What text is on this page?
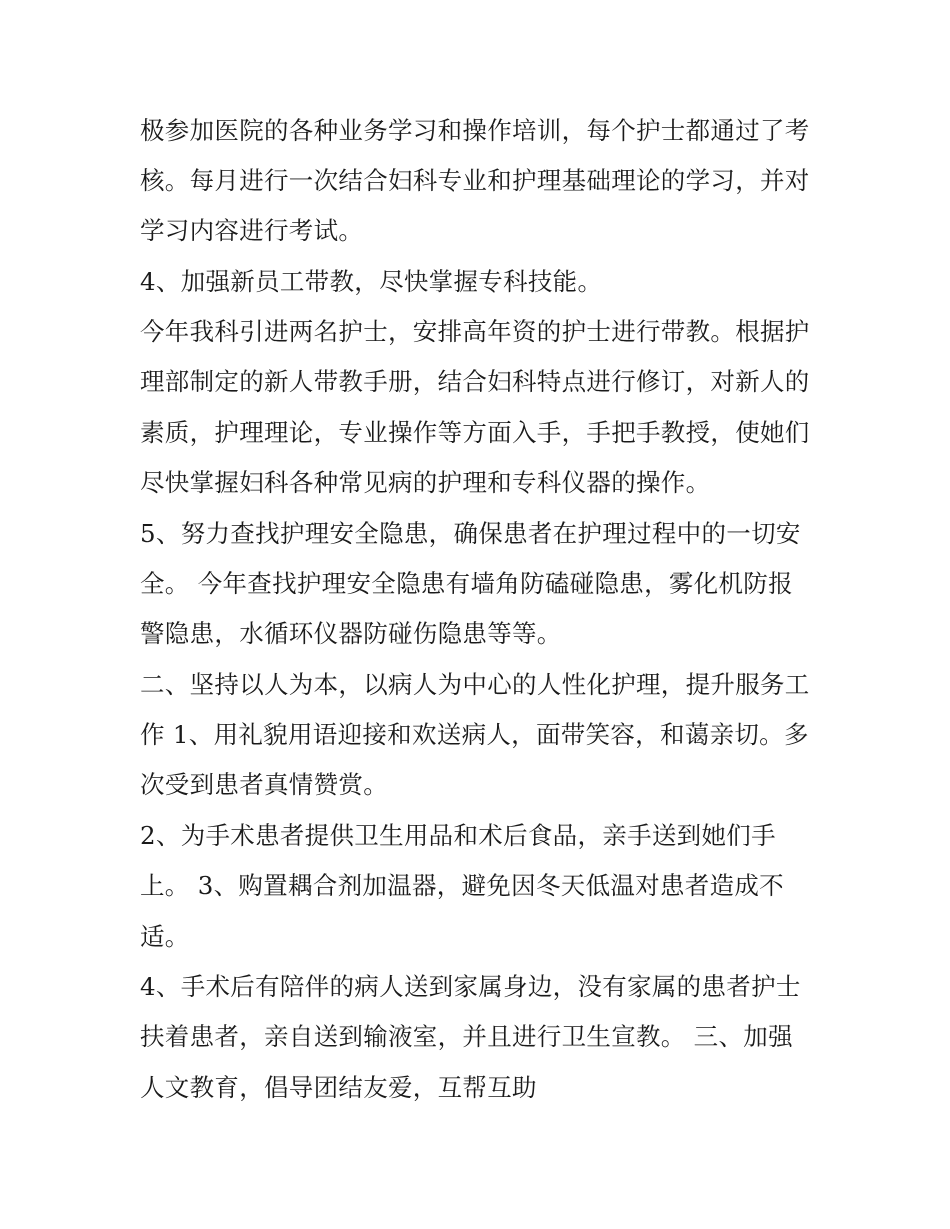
极参加医院的各种业务学习和操作培训，每个护士都通过了考

核。每月进行一次结合妇科专业和护理基础理论的学习，并对

学习内容进行考试。

4、加强新员工带教，尽快掌握专科技能。

今年我科引进两名护士，安排高年资的护士进行带教。根据护

理部制定的新人带教手册，结合妇科特点进行修订，对新人的

素质，护理理论，专业操作等方面入手，手把手教授，使她们

尽快掌握妇科各种常见病的护理和专科仪器的操作。

5、努力查找护理安全隐患，确保患者在护理过程中的一切安

全。 今年查找护理安全隐患有墙角防磕碰隐患，雾化机防报

警隐患，水循环仪器防碰伤隐患等等。

二、坚持以人为本，以病人为中心的人性化护理，提升服务工

作 1、用礼貌用语迎接和欢送病人，面带笑容，和蔼亲切。多

次受到患者真情赞赏。

2、为手术患者提供卫生用品和术后食品，亲手送到她们手

上。 3、购置耦合剂加温器，避免因冬天低温对患者造成不

适。

4、手术后有陪伴的病人送到家属身边，没有家属的患者护士

扶着患者，亲自送到输液室，并且进行卫生宣教。 三、加强

人文教育，倡导团结友爱，互帮互助
